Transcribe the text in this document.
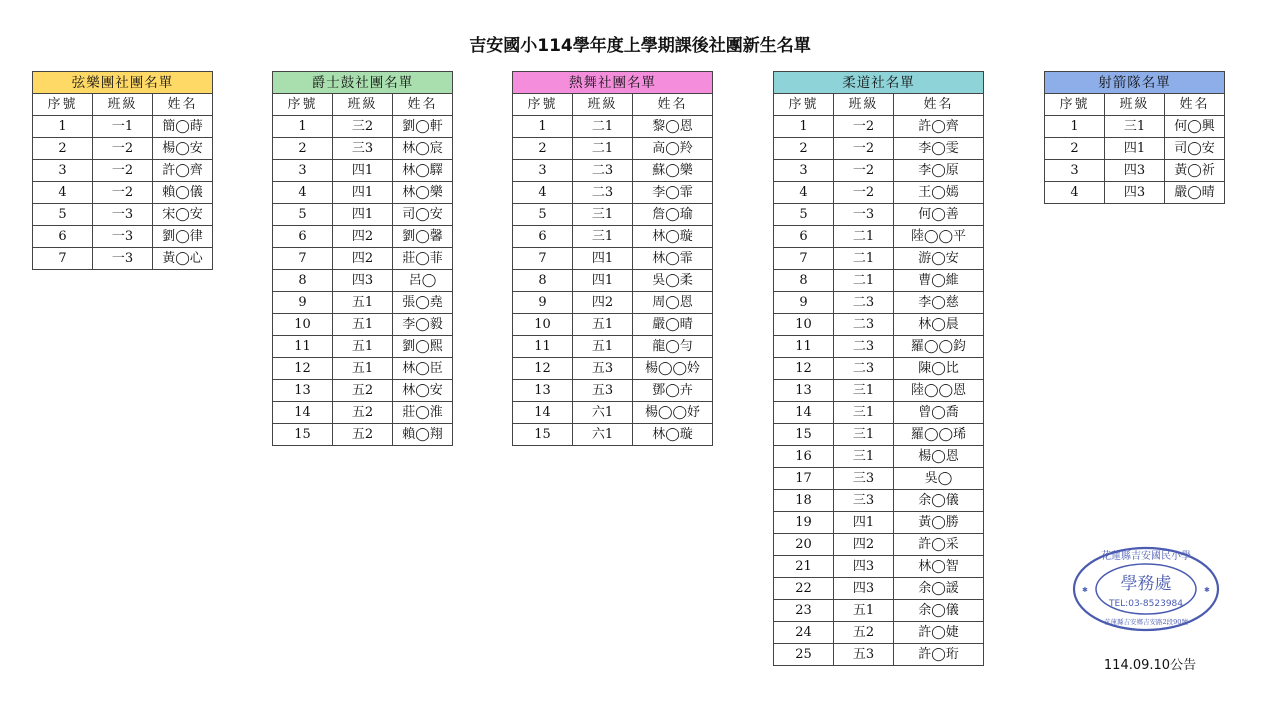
吉安國小114學年度上學期課後社團新生名單
弦樂團社團名單		
序號	班級	姓名
1	一1	簡◯蒔
2	一2	楊◯安
3	一2	許◯齊
4	一2	賴◯儀
5	一3	宋◯安
6	一3	劉◯律
7	一3	黃◯心
爵士鼓社團名單		
序號	班級	姓名
1	三2	劉◯軒
2	三3	林◯宸
3	四1	林◯驛
4	四1	林◯樂
5	四1	司◯安
6	四2	劉◯馨
7	四2	莊◯菲
8	四3	呂◯
9	五1	張◯堯
10	五1	李◯毅
11	五1	劉◯熙
12	五1	林◯臣
13	五2	林◯安
14	五2	莊◯淮
15	五2	賴◯翔
熱舞社團名單		
序號	班級	姓名
1	二1	黎◯恩
2	二1	高◯羚
3	二3	蘇◯樂
4	二3	李◯霏
5	三1	詹◯瑜
6	三1	林◯璇
7	四1	林◯霏
8	四1	吳◯柔
9	四2	周◯恩
10	五1	嚴◯晴
11	五1	龍◯勻
12	五3	楊◯◯妗
13	五3	鄧◯卉
14	六1	楊◯◯妤
15	六1	林◯璇
柔道社名單		
序號	班級	姓名
1	一2	許◯齊
2	一2	李◯雯
3	一2	李◯原
4	一2	王◯嫣
5	一3	何◯善
6	二1	陸◯◯平
7	二1	游◯安
8	二1	曹◯維
9	二3	李◯慈
10	二3	林◯晨
11	二3	羅◯◯鈞
12	二3	陳◯比
13	三1	陸◯◯恩
14	三1	曾◯喬
15	三1	羅◯◯琋
16	三1	楊◯恩
17	三3	吳◯
18	三3	余◯儀
19	四1	黃◯勝
20	四2	許◯采
21	四3	林◯智
22	四3	余◯諼
23	五1	余◯儀
24	五2	許◯婕
25	五3	許◯珩
射箭隊名單		
序號	班級	姓名
1	三1	何◯興
2	四1	司◯安
3	四3	黃◯祈
4	四3	嚴◯晴
花蓮縣吉安國民小學
學務處
TEL:03-8523984
花蓮縣吉安鄉吉安路2段90號
✱	✱
114.09.10公告
